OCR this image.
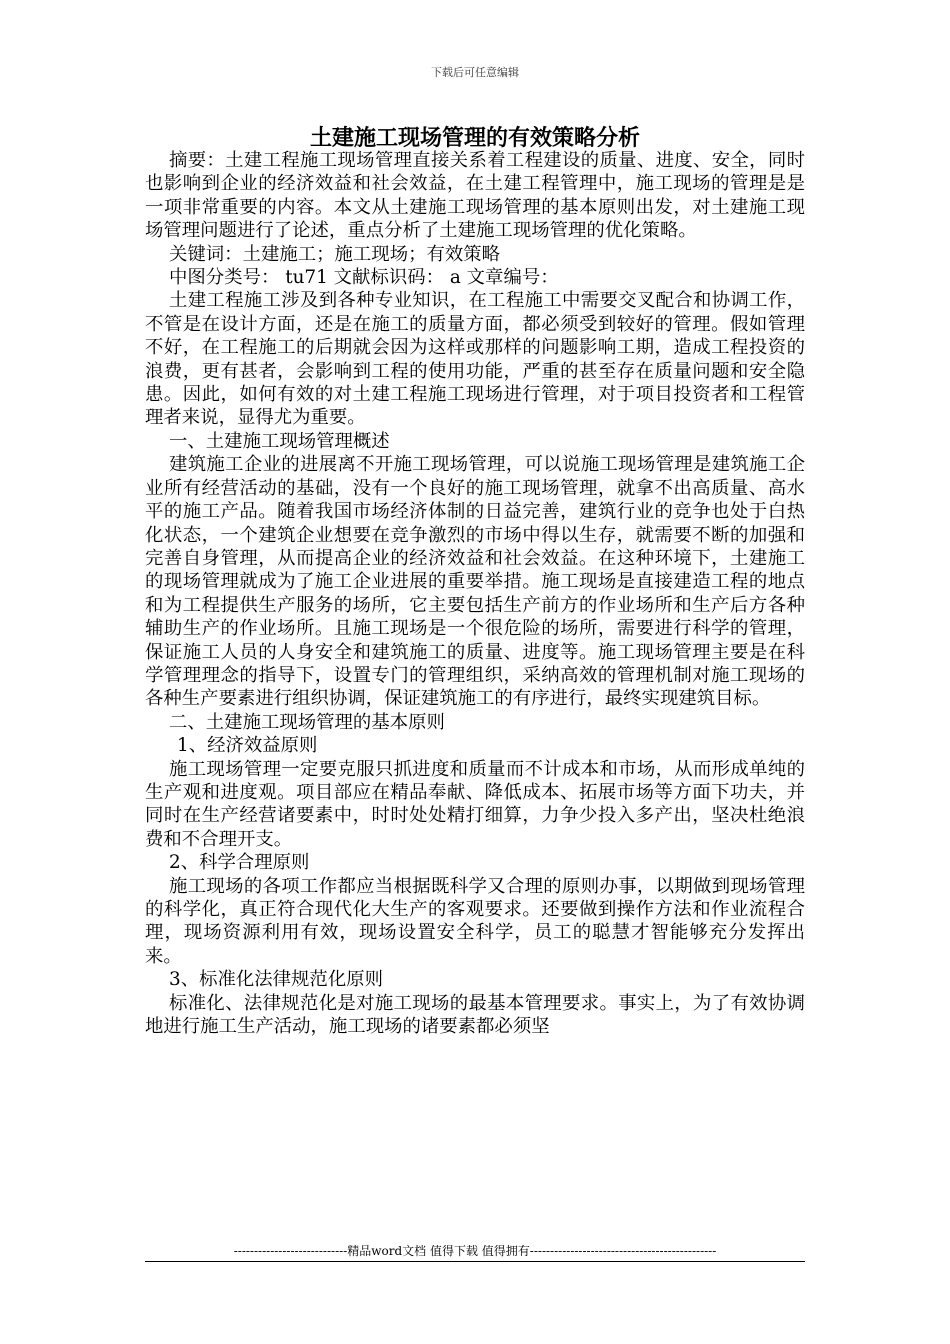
下载后可任意编辑
土建施工现场管理的有效策略分析

摘要：土建工程施工现场管理直接关系着工程建设的质量、进度、安全，同时也影响到企业的经济效益和社会效益，在土建工程管理中，施工现场的管理是是一项非常重要的内容。本文从土建施工现场管理的基本原则出发，对土建施工现场管理问题进行了论述，重点分析了土建施工现场管理的优化策略。

关键词：土建施工；施工现场；有效策略

中图分类号： tu71 文献标识码： a 文章编号：

土建工程施工涉及到各种专业知识，在工程施工中需要交叉配合和协调工作，不管是在设计方面，还是在施工的质量方面，都必须受到较好的管理。假如管理不好，在工程施工的后期就会因为这样或那样的问题影响工期，造成工程投资的浪费，更有甚者，会影响到工程的使用功能，严重的甚至存在质量问题和安全隐患。因此，如何有效的对土建工程施工现场进行管理，对于项目投资者和工程管理者来说，显得尤为重要。

一、土建施工现场管理概述

建筑施工企业的进展离不开施工现场管理，可以说施工现场管理是建筑施工企业所有经营活动的基础，没有一个良好的施工现场管理，就拿不出高质量、高水平的施工产品。随着我国市场经济体制的日益完善，建筑行业的竞争也处于白热化状态，一个建筑企业想要在竞争激烈的市场中得以生存，就需要不断的加强和完善自身管理，从而提高企业的经济效益和社会效益。在这种环境下，土建施工的现场管理就成为了施工企业进展的重要举措。施工现场是直接建造工程的地点和为工程提供生产服务的场所，它主要包括生产前方的作业场所和生产后方各种辅助生产的作业场所。且施工现场是一个很危险的场所，需要进行科学的管理，保证施工人员的人身安全和建筑施工的质量、进度等。施工现场管理主要是在科学管理理念的指导下，设置专门的管理组织，采纳高效的管理机制对施工现场的各种生产要素进行组织协调，保证建筑施工的有序进行，最终实现建筑目标。

二、土建施工现场管理的基本原则

1、经济效益原则

施工现场管理一定要克服只抓进度和质量而不计成本和市场，从而形成单纯的生产观和进度观。项目部应在精品奉献、降低成本、拓展市场等方面下功夫，并同时在生产经营诸要素中，时时处处精打细算，力争少投入多产出，坚决杜绝浪费和不合理开支。

2、科学合理原则

施工现场的各项工作都应当根据既科学又合理的原则办事，以期做到现场管理的科学化，真正符合现代化大生产的客观要求。还要做到操作方法和作业流程合理，现场资源利用有效，现场设置安全科学，员工的聪慧才智能够充分发挥出来。

3、标准化法律规范化原则

标准化、法律规范化是对施工现场的最基本管理要求。事实上，为了有效协调地进行施工生产活动，施工现场的诸要素都必须坚

----------------------------精品word文档 值得下载 值得拥有----------------------------------------------
